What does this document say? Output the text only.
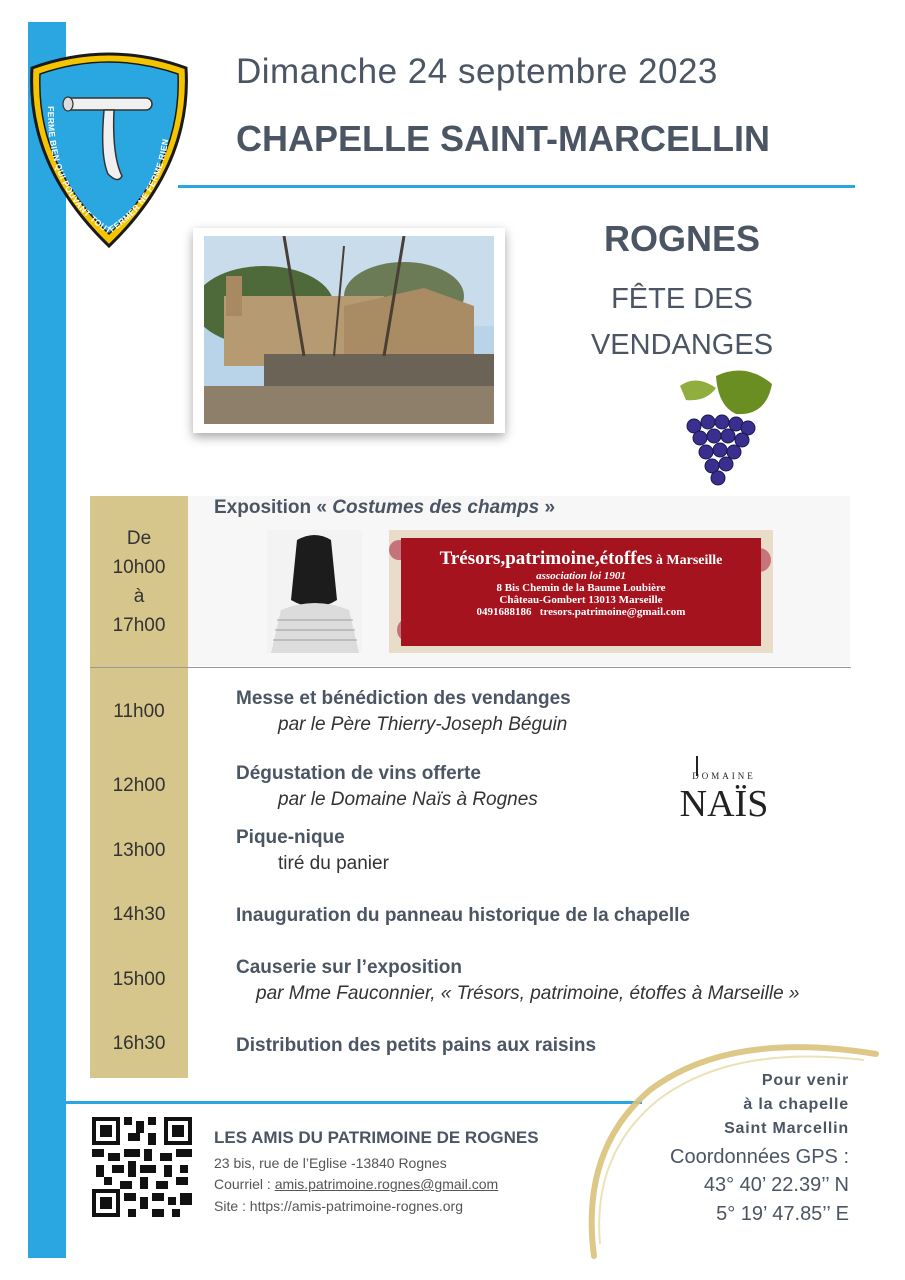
FERME BIEN QUI POUVANT TOUT FERMER NE FERME RIEN
Dimanche 24 septembre 2023
CHAPELLE SAINT-MARCELLIN
ROGNES
FÊTE DES
VENDANGES
De
10h00
à
17h00
11h00
12h00
13h00
14h30
15h00
16h30
Exposition « Costumes des champs »
Trésors,patrimoine,étoffes à Marseille
association loi 1901
8 Bis Chemin de la Baume Loubière
Château-Gombert 13013 Marseille
0491688186 tresors.patrimoine@gmail.com
Messe et bénédiction des vendanges
par le Père Thierry-Joseph Béguin
Dégustation de vins offerte
par le Domaine Naïs à Rognes
Pique-nique
tiré du panier
Inauguration du panneau historique de la chapelle
Causerie sur l’exposition
par Mme Fauconnier, « Trésors, patrimoine, étoffes à Marseille »
Distribution des petits pains aux raisins
DOMAINE
NAÏS
LES AMIS DU PATRIMOINE DE ROGNES
23 bis, rue de l’Eglise -13840 Rognes
Courriel : amis.patrimoine.rognes@gmail.com
Site : https://amis-patrimoine-rognes.org
Pour venir
à la chapelle
Saint Marcellin
Coordonnées GPS :
43° 40’ 22.39’’ N
5° 19’ 47.85’’ E
